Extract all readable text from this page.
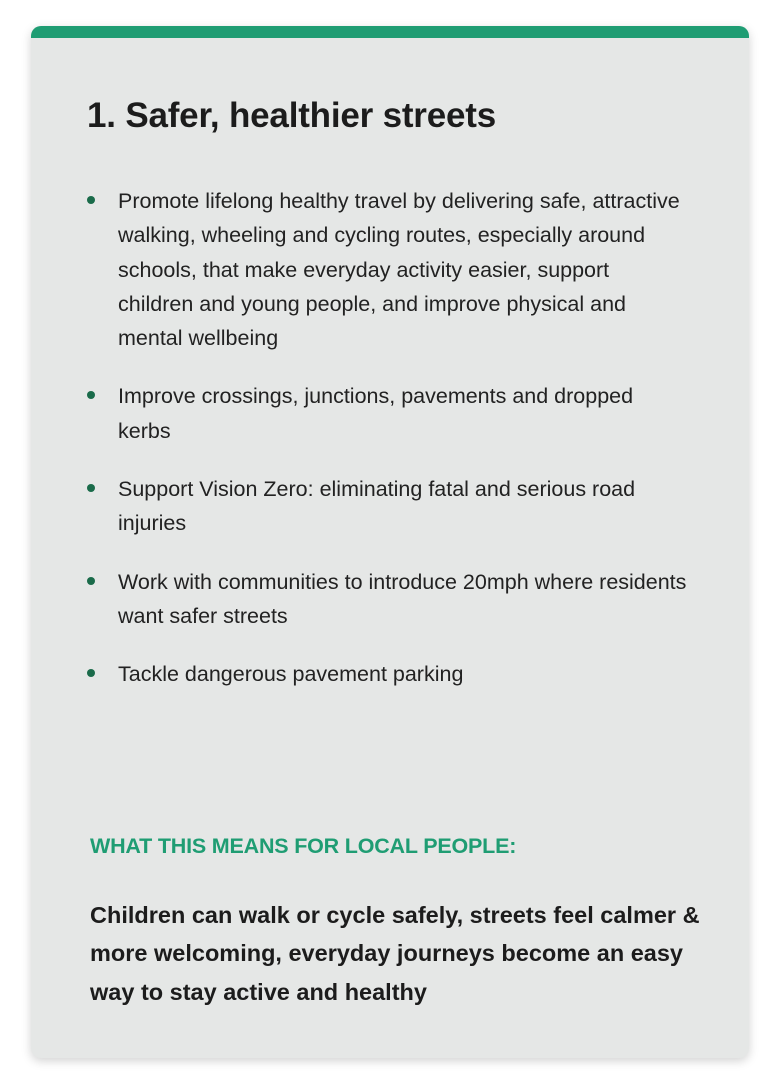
1. Safer, healthier streets
Promote lifelong healthy travel by delivering safe, attractive walking, wheeling and cycling routes, especially around schools, that make everyday activity easier, support children and young people, and improve physical and mental wellbeing
Improve crossings, junctions, pavements and dropped kerbs
Support Vision Zero: eliminating fatal and serious road injuries
Work with communities to introduce 20mph where residents want safer streets
Tackle dangerous pavement parking
WHAT THIS MEANS FOR LOCAL PEOPLE:

Children can walk or cycle safely, streets feel calmer & more welcoming, everyday journeys become an easy way to stay active and healthy
